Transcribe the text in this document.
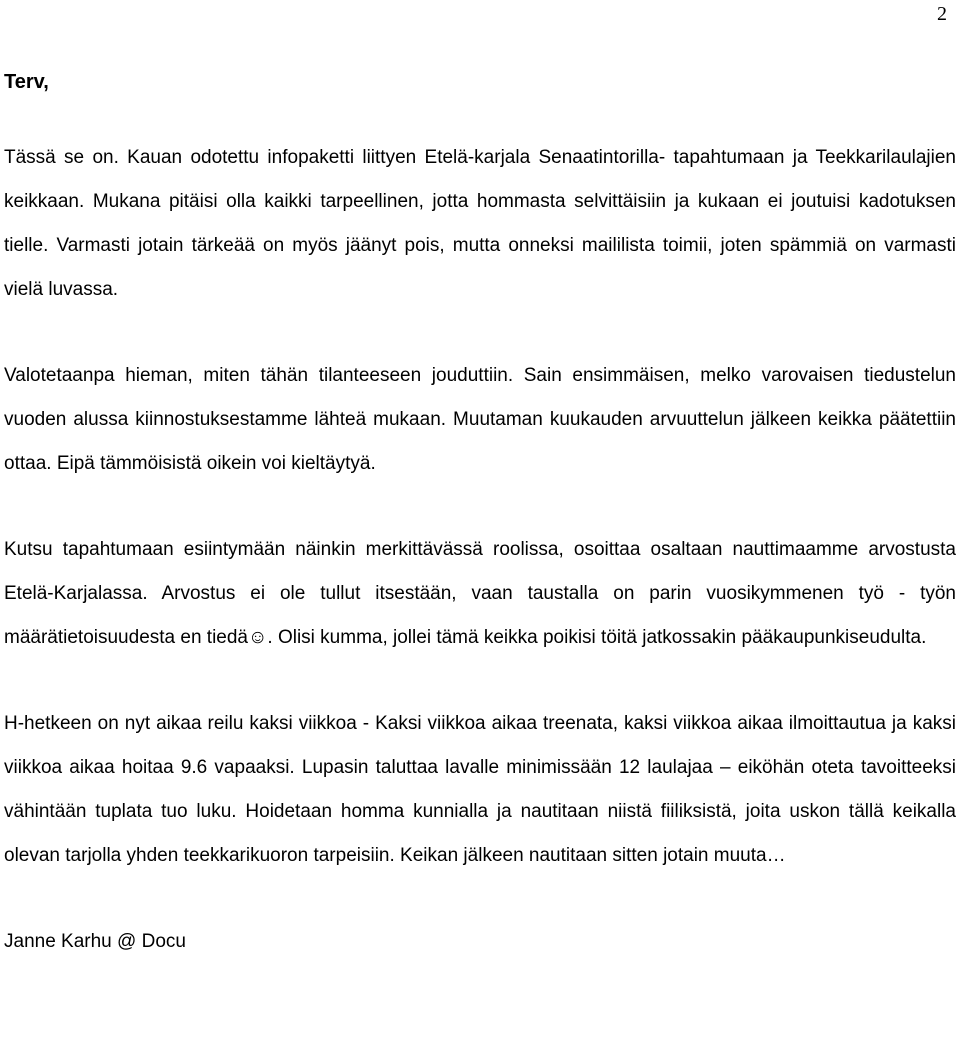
2

Terv,

Tässä se on. Kauan odotettu infopaketti liittyen Etelä-karjala Senaatintorilla- tapahtumaan ja Teekkarilaulajien keikkaan. Mukana pitäisi olla kaikki tarpeellinen, jotta hommasta selvittäisiin ja kukaan ei joutuisi kadotuksen tielle. Varmasti jotain tärkeää on myös jäänyt pois, mutta onneksi maililista toimii, joten spämmiä on varmasti vielä luvassa.

Valotetaanpa hieman, miten tähän tilanteeseen jouduttiin. Sain ensimmäisen, melko varovaisen tiedustelun vuoden alussa kiinnostuksestamme lähteä mukaan. Muutaman kuukauden arvuuttelun jälkeen keikka päätettiin ottaa. Eipä tämmöisistä oikein voi kieltäytyä.

Kutsu tapahtumaan esiintymään näinkin merkittävässä roolissa, osoittaa osaltaan nauttimaamme arvostusta Etelä-Karjalassa. Arvostus ei ole tullut itsestään, vaan taustalla on parin vuosikymmenen työ - työn määrätietoisuudesta en tiedä☺. Olisi kumma, jollei tämä keikka poikisi töitä jatkossakin pääkaupunkiseudulta.

H-hetkeen on nyt aikaa reilu kaksi viikkoa - Kaksi viikkoa aikaa treenata, kaksi viikkoa aikaa ilmoittautua ja kaksi viikkoa aikaa hoitaa 9.6 vapaaksi. Lupasin taluttaa lavalle minimissään 12 laulajaa – eiköhän oteta tavoitteeksi vähintään tuplata tuo luku. Hoidetaan homma kunnialla ja nautitaan niistä fiiliksistä, joita uskon tällä keikalla olevan tarjolla yhden teekkarikuoron tarpeisiin. Keikan jälkeen nautitaan sitten jotain muuta…

Janne Karhu @ Docu
